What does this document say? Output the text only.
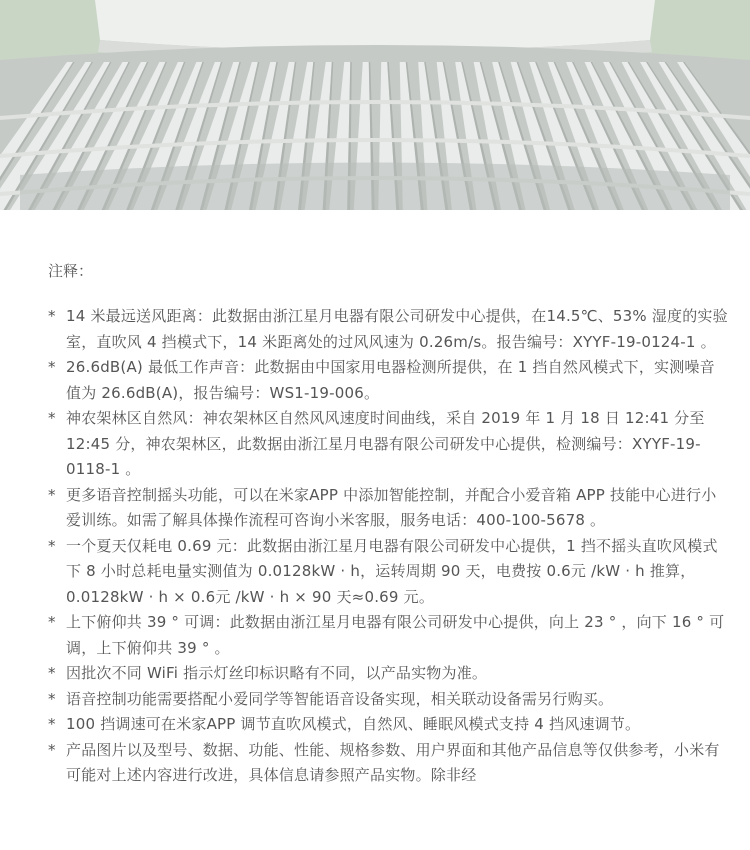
注释：
* 14 米最远送风距离：此数据由浙江星月电器有限公司研发中心提供，在14.5℃、53% 湿度的实验室，直吹风 4 挡模式下，14 米距离处的过风风速为 0.26m/s。报告编号：XYYF-19-0124-1 。
* 26.6dB(A) 最低工作声音：此数据由中国家用电器检测所提供，在 1 挡自然风模式下，实测噪音值为 26.6dB(A)，报告编号：WS1-19-006。
* 神农架林区自然风：神农架林区自然风风速度时间曲线，采自 2019 年 1 月 18 日 12:41 分至 12:45 分，神农架林区，此数据由浙江星月电器有限公司研发中心提供，检测编号：XYYF-19-0118-1 。
* 更多语音控制摇头功能，可以在米家APP 中添加智能控制，并配合小爱音箱 APP 技能中心进行小爱训练。如需了解具体操作流程可咨询小米客服，服务电话：400-100-5678 。
* 一个夏天仅耗电 0.69 元：此数据由浙江星月电器有限公司研发中心提供，1 挡不摇头直吹风模式下 8 小时总耗电量实测值为 0.0128kW · h，运转周期 90 天，电费按 0.6元 /kW · h 推算，0.0128kW · h × 0.6元 /kW · h × 90 天≈0.69 元。
* 上下俯仰共 39 ° 可调：此数据由浙江星月电器有限公司研发中心提供，向上 23 ° ，向下 16 ° 可调，上下俯仰共 39 ° 。
* 因批次不同 WiFi 指示灯丝印标识略有不同，以产品实物为准。
* 语音控制功能需要搭配小爱同学等智能语音设备实现，相关联动设备需另行购买。
* 100 挡调速可在米家APP 调节直吹风模式，自然风、睡眠风模式支持 4 挡风速调节。
* 产品图片以及型号、数据、功能、性能、规格参数、用户界面和其他产品信息等仅供参考，小米有可能对上述内容进行改进，具体信息请参照产品实物。除非经
